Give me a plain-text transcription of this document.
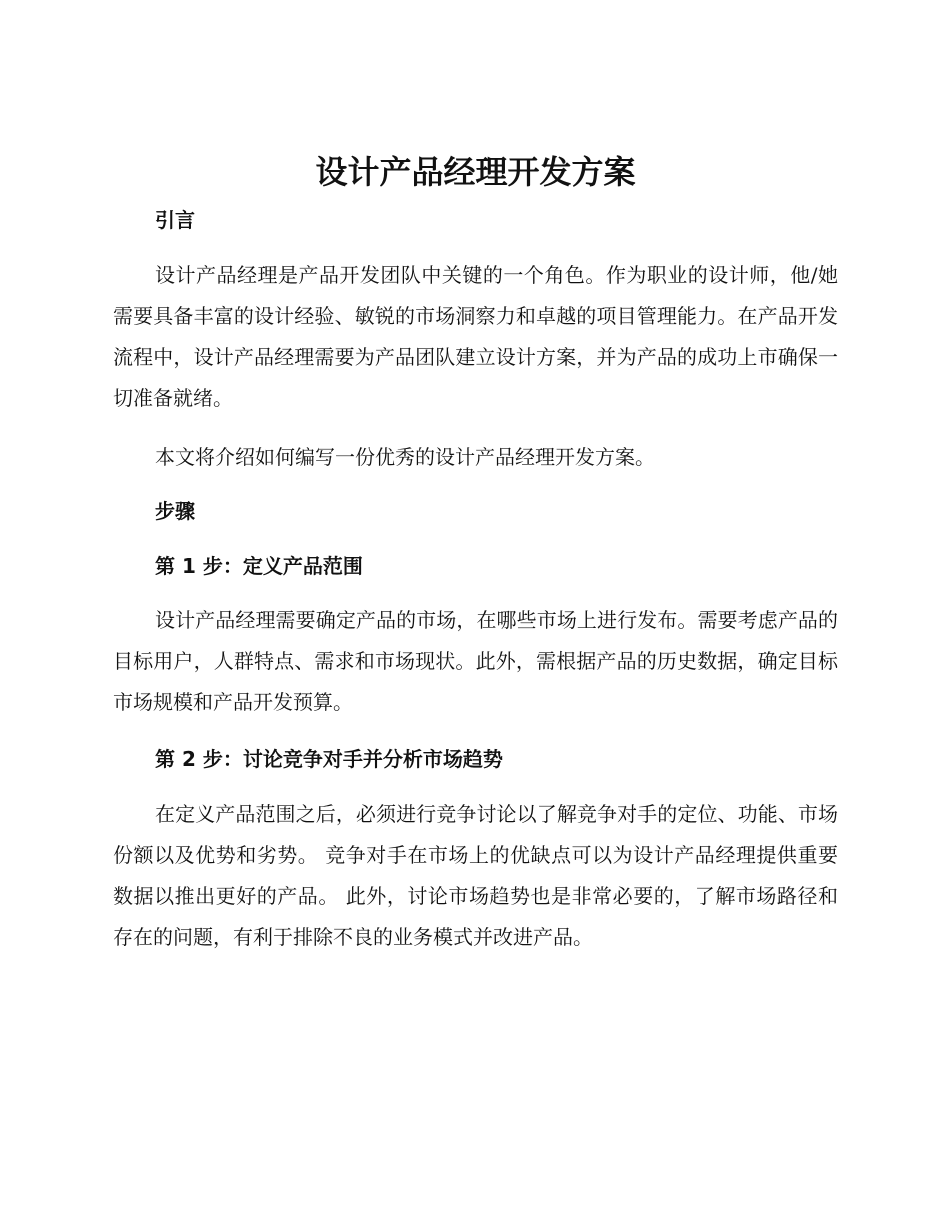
设计产品经理开发方案
引言

设计产品经理是产品开发团队中关键的一个角色。作为职业的设计师，他/她需要具备丰富的设计经验、敏锐的市场洞察力和卓越的项目管理能力。在产品开发流程中，设计产品经理需要为产品团队建立设计方案，并为产品的成功上市确保一切准备就绪。

本文将介绍如何编写一份优秀的设计产品经理开发方案。

步骤
第 1 步：定义产品范围

设计产品经理需要确定产品的市场，在哪些市场上进行发布。需要考虑产品的目标用户，人群特点、需求和市场现状。此外，需根据产品的历史数据，确定目标市场规模和产品开发预算。

第 2 步：讨论竞争对手并分析市场趋势

在定义产品范围之后，必须进行竞争讨论以了解竞争对手的定位、功能、市场份额以及优势和劣势。 竞争对手在市场上的优缺点可以为设计产品经理提供重要数据以推出更好的产品。 此外，讨论市场趋势也是非常必要的，了解市场路径和存在的问题，有利于排除不良的业务模式并改进产品。
